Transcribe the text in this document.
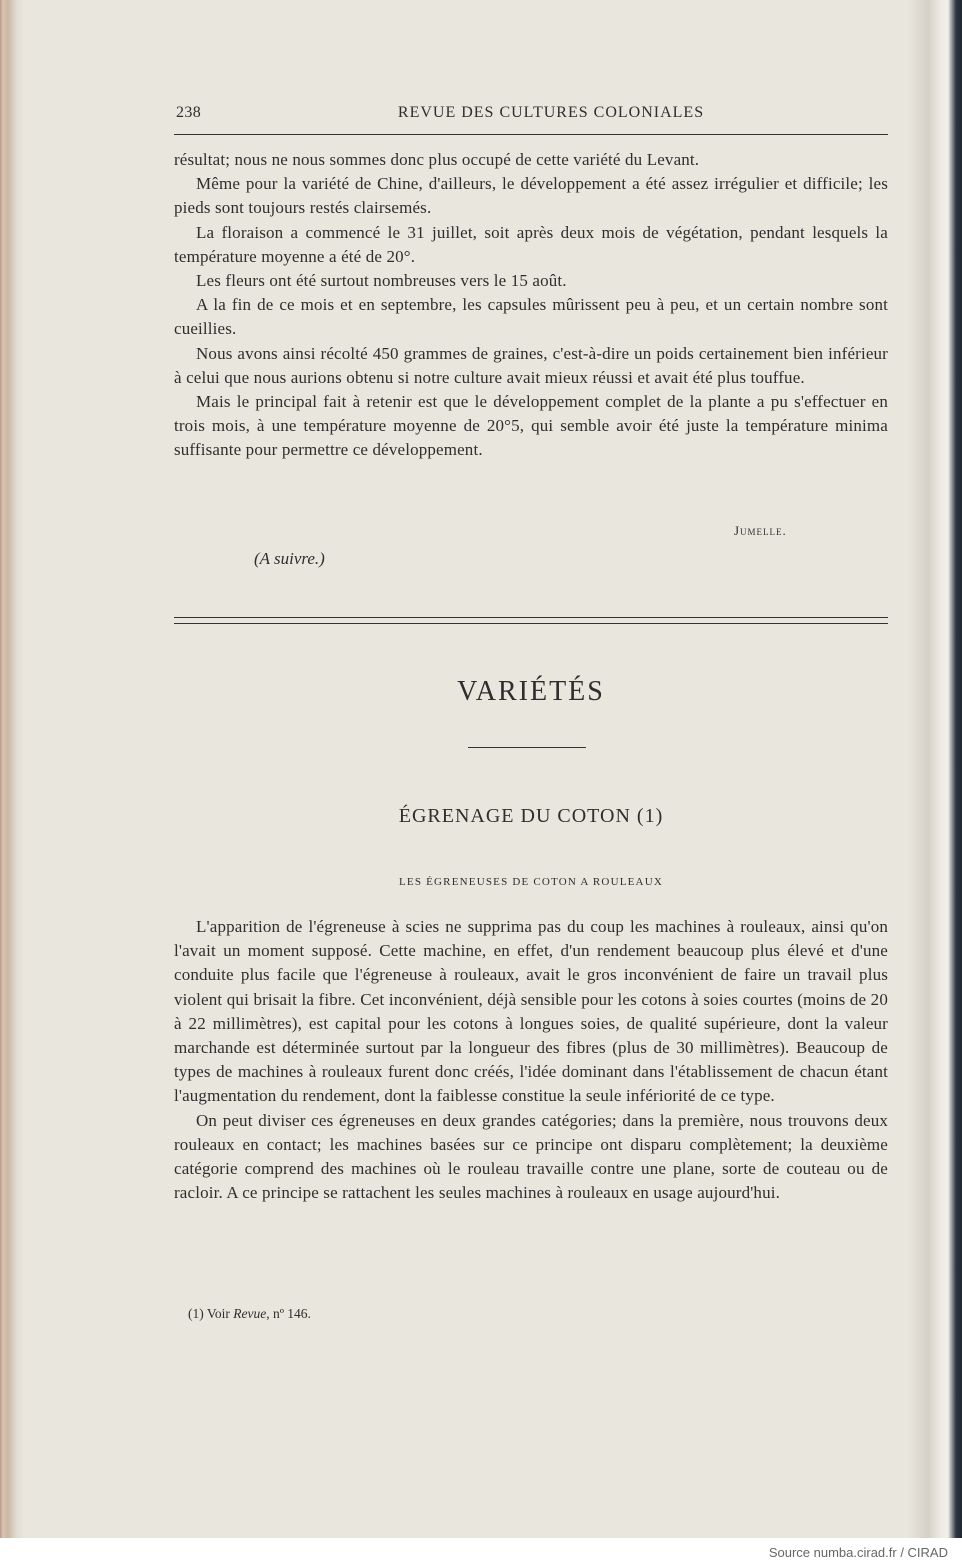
238	REVUE DES CULTURES COLONIALES

résultat; nous ne nous sommes donc plus occupé de cette variété du Levant.

Même pour la variété de Chine, d'ailleurs, le développement a été assez irrégulier et difficile; les pieds sont toujours restés clairsemés.

La floraison a commencé le 31 juillet, soit après deux mois de végétation, pendant lesquels la température moyenne a été de 20°.

Les fleurs ont été surtout nombreuses vers le 15 août.

A la fin de ce mois et en septembre, les capsules mûrissent peu à peu, et un certain nombre sont cueillies.

Nous avons ainsi récolté 450 grammes de graines, c'est-à-dire un poids certainement bien inférieur à celui que nous aurions obtenu si notre culture avait mieux réussi et avait été plus touffue.

Mais le principal fait à retenir est que le développement complet de la plante a pu s'effectuer en trois mois, à une température moyenne de 20°5, qui semble avoir été juste la température minima suffisante pour permettre ce développement.

Jumelle.
(A suivre.)
VARIÉTÉS
ÉGRENAGE DU COTON (1)
LES ÉGRENEUSES DE COTON A ROULEAUX

L'apparition de l'égreneuse à scies ne supprima pas du coup les machines à rouleaux, ainsi qu'on l'avait un moment supposé. Cette machine, en effet, d'un rendement beaucoup plus élevé et d'une conduite plus facile que l'égreneuse à rouleaux, avait le gros inconvénient de faire un travail plus violent qui brisait la fibre. Cet inconvénient, déjà sensible pour les cotons à soies courtes (moins de 20 à 22 millimètres), est capital pour les cotons à longues soies, de qualité supérieure, dont la valeur marchande est déterminée surtout par la longueur des fibres (plus de 30 millimètres). Beaucoup de types de machines à rouleaux furent donc créés, l'idée dominant dans l'établissement de chacun étant l'augmentation du rendement, dont la faiblesse constitue la seule infériorité de ce type.

On peut diviser ces égreneuses en deux grandes catégories; dans la première, nous trouvons deux rouleaux en contact; les machines basées sur ce principe ont disparu complètement; la deuxième catégorie comprend des machines où le rouleau travaille contre une plane, sorte de couteau ou de racloir. A ce principe se rattachent les seules machines à rouleaux en usage aujourd'hui.

(1) Voir Revue, nº 146.
Source numba.cirad.fr / CIRAD
